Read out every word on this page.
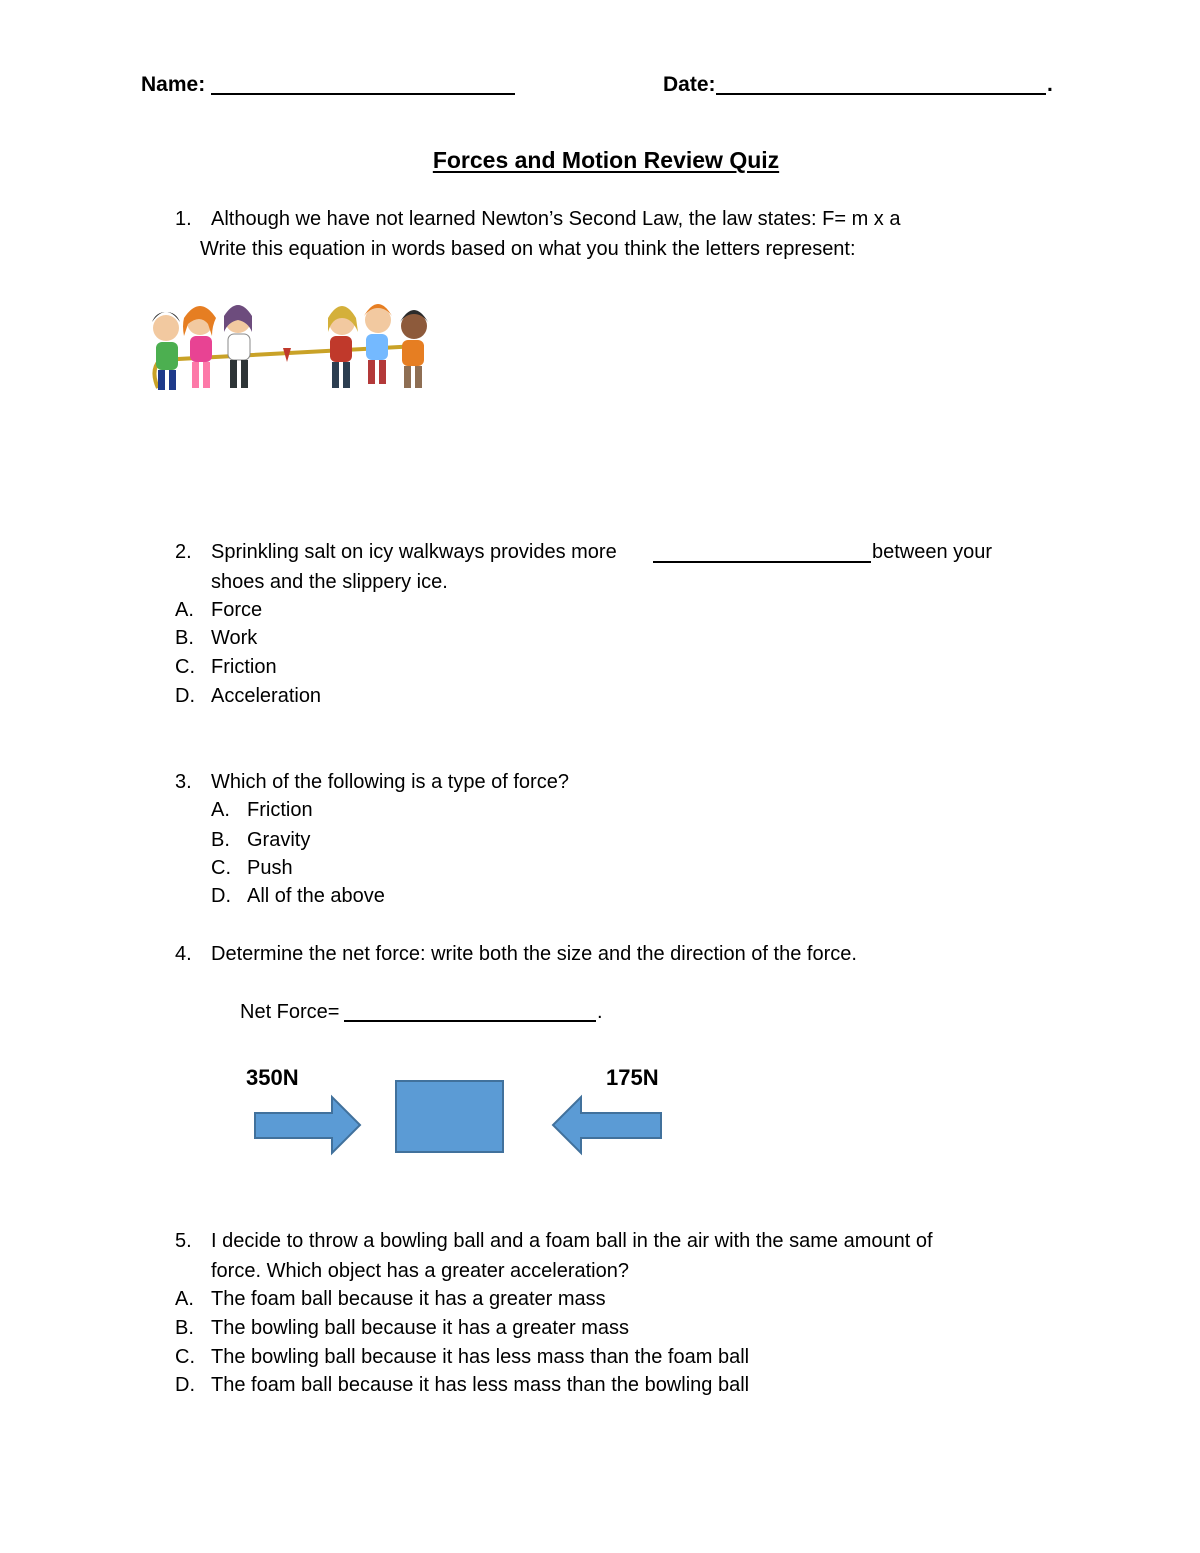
Name:	Date:	.
Forces and Motion Review Quiz
1. Although we have not learned Newton’s Second Law, the law states: F= m x a
Write this equation in words based on what you think the letters represent:
2. Sprinkling salt on icy walkways provides more	between your
shoes and the slippery ice.
A. Force
B. Work
C. Friction
D. Acceleration
3. Which of the following is a type of force?
A. Friction
B. Gravity
C. Push
D. All of the above
4. Determine the net force: write both the size and the direction of the force.
Net Force=	.
350N	175N
5. I decide to throw a bowling ball and a foam ball in the air with the same amount of
force. Which object has a greater acceleration?
A. The foam ball because it has a greater mass
B. The bowling ball because it has a greater mass
C. The bowling ball because it has less mass than the foam ball
D. The foam ball because it has less mass than the bowling ball
